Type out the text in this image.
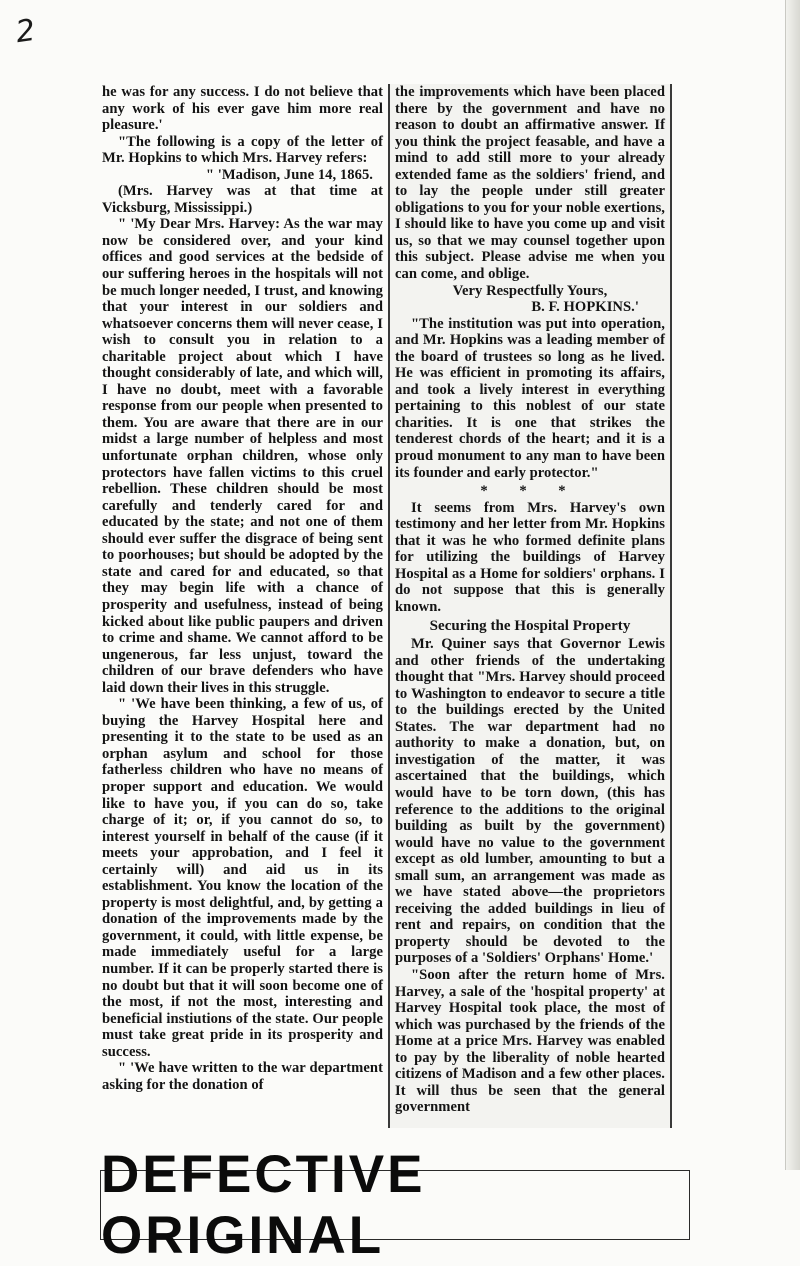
2

he was for any success. I do not believe that any work of his ever gave him more real pleasure.'

"The following is a copy of the letter of Mr. Hopkins to which Mrs. Harvey refers:

" 'Madison, June 14, 1865.

(Mrs. Harvey was at that time at Vicksburg, Mississippi.)

" 'My Dear Mrs. Harvey: As the war may now be considered over, and your kind offices and good services at the bedside of our suffering heroes in the hospitals will not be much longer needed, I trust, and knowing that your interest in our soldiers and whatsoever concerns them will never cease, I wish to consult you in relation to a charitable project about which I have thought considerably of late, and which will, I have no doubt, meet with a favorable response from our people when presented to them. You are aware that there are in our midst a large number of helpless and most unfortunate orphan children, whose only protectors have fallen victims to this cruel rebellion. These children should be most carefully and tenderly cared for and educated by the state; and not one of them should ever suffer the disgrace of being sent to poorhouses; but should be adopted by the state and cared for and educated, so that they may begin life with a chance of prosperity and usefulness, instead of being kicked about like public paupers and driven to crime and shame. We cannot afford to be ungenerous, far less unjust, toward the children of our brave defenders who have laid down their lives in this struggle.

" 'We have been thinking, a few of us, of buying the Harvey Hospital here and presenting it to the state to be used as an orphan asylum and school for those fatherless children who have no means of proper support and education. We would like to have you, if you can do so, take charge of it; or, if you cannot do so, to interest yourself in behalf of the cause (if it meets your approbation, and I feel it certainly will) and aid us in its establishment. You know the location of the property is most delightful, and, by getting a donation of the improvements made by the government, it could, with little expense, be made immediately useful for a large number. If it can be properly started there is no doubt but that it will soon become one of the most, if not the most, interesting and beneficial instiutions of the state. Our people must take great pride in its prosperity and success.

" 'We have written to the war department asking for the donation of

the improvements which have been placed there by the government and have no reason to doubt an affirmative answer. If you think the project feasable, and have a mind to add still more to your already extended fame as the soldiers' friend, and to lay the people under still greater obligations to you for your noble exertions, I should like to have you come up and visit us, so that we may counsel together upon this subject. Please advise me when you can come, and oblige.

Very Respectfully Yours,

B. F. HOPKINS.'

"The institution was put into operation, and Mr. Hopkins was a leading member of the board of trustees so long as he lived. He was efficient in promoting its affairs, and took a lively interest in everything pertaining to this noblest of our state charities. It is one that strikes the tenderest chords of the heart; and it is a proud monument to any man to have been its founder and early protector."

* * *

It seems from Mrs. Harvey's own testimony and her letter from Mr. Hopkins that it was he who formed definite plans for utilizing the buildings of Harvey Hospital as a Home for soldiers' orphans. I do not suppose that this is generally known.

Securing the Hospital Property

Mr. Quiner says that Governor Lewis and other friends of the undertaking thought that "Mrs. Harvey should proceed to Washington to endeavor to secure a title to the buildings erected by the United States. The war department had no authority to make a donation, but, on investigation of the matter, it was ascertained that the buildings, which would have to be torn down, (this has reference to the additions to the original building as built by the government) would have no value to the government except as old lumber, amounting to but a small sum, an arrangement was made as we have stated above—the proprietors receiving the added buildings in lieu of rent and repairs, on condition that the property should be devoted to the purposes of a 'Soldiers' Orphans' Home.'

"Soon after the return home of Mrs. Harvey, a sale of the 'hospital property' at Harvey Hospital took place, the most of which was purchased by the friends of the Home at a price Mrs. Harvey was enabled to pay by the liberality of noble hearted citizens of Madison and a few other places. It will thus be seen that the general government

DEFECTIVE ORIGINAL
